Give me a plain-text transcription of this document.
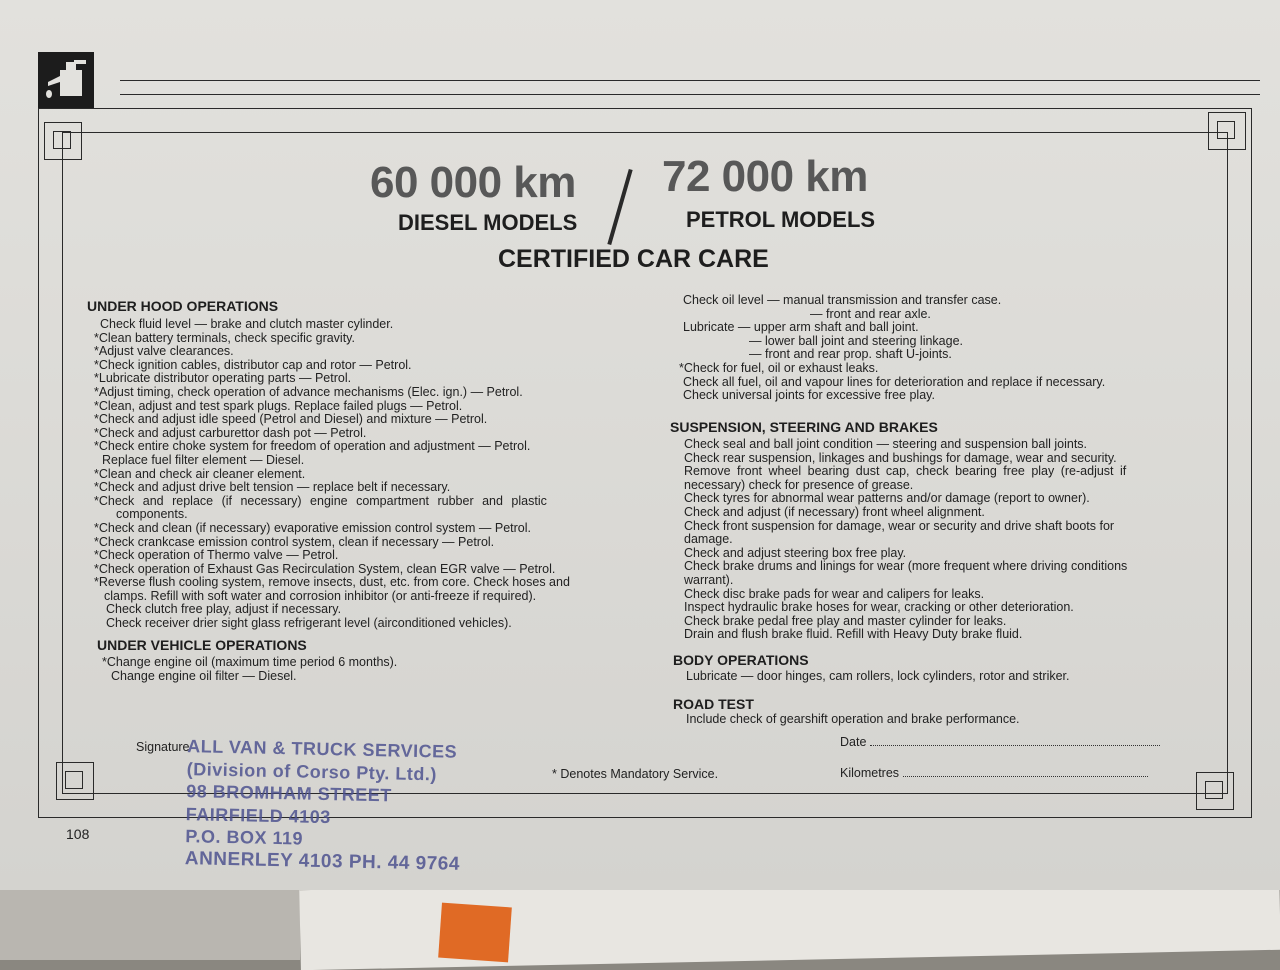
60 000 km 72 000 km
DIESEL MODELS	PETROL MODELS
CERTIFIED CAR CARE
UNDER HOOD OPERATIONS
Check fluid level — brake and clutch master cylinder.
*Clean battery terminals, check specific gravity.
*Adjust valve clearances.
*Check ignition cables, distributor cap and rotor — Petrol.
*Lubricate distributor operating parts — Petrol.
*Adjust timing, check operation of advance mechanisms (Elec. ign.) — Petrol.
*Clean, adjust and test spark plugs. Replace failed plugs — Petrol.
*Check and adjust idle speed (Petrol and Diesel) and mixture — Petrol.
*Check and adjust carburettor dash pot — Petrol.
*Check entire choke system for freedom of operation and adjustment — Petrol.
Replace fuel filter element — Diesel.
*Clean and check air cleaner element.
*Check and adjust drive belt tension — replace belt if necessary.
*Check and replace (if necessary) engine compartment rubber and plastic
components.
*Check and clean (if necessary) evaporative emission control system — Petrol.
*Check crankcase emission control system, clean if necessary — Petrol.
*Check operation of Thermo valve — Petrol.
*Check operation of Exhaust Gas Recirculation System, clean EGR valve — Petrol.
*Reverse flush cooling system, remove insects, dust, etc. from core. Check hoses and
clamps. Refill with soft water and corrosion inhibitor (or anti-freeze if required).
Check clutch free play, adjust if necessary.
Check receiver drier sight glass refrigerant level (airconditioned vehicles).
UNDER VEHICLE OPERATIONS
*Change engine oil (maximum time period 6 months).
Change engine oil filter — Diesel.
Check oil level — manual transmission and transfer case.
— front and rear axle.
Lubricate — upper arm shaft and ball joint.
— lower ball joint and steering linkage.
— front and rear prop. shaft U-joints.
*Check for fuel, oil or exhaust leaks.
Check all fuel, oil and vapour lines for deterioration and replace if necessary.
Check universal joints for excessive free play.
SUSPENSION, STEERING AND BRAKES
Check seal and ball joint condition — steering and suspension ball joints.
Check rear suspension, linkages and bushings for damage, wear and security.
Remove front wheel bearing dust cap, check bearing free play (re-adjust if
necessary) check for presence of grease.
Check tyres for abnormal wear patterns and/or damage (report to owner).
Check and adjust (if necessary) front wheel alignment.
Check front suspension for damage, wear or security and drive shaft boots for
damage.
Check and adjust steering box free play.
Check brake drums and linings for wear (more frequent where driving conditions
warrant).
Check disc brake pads for wear and calipers for leaks.
Inspect hydraulic brake hoses for wear, cracking or other deterioration.
Check brake pedal free play and master cylinder for leaks.
Drain and flush brake fluid. Refill with Heavy Duty brake fluid.
BODY OPERATIONS
Lubricate — door hinges, cam rollers, lock cylinders, rotor and striker.
ROAD TEST
Include check of gearshift operation and brake performance.
Signature
* Denotes Mandatory Service.
Date
Kilometres
ALL VAN & TRUCK SERVICES
(Division of Corso Pty. Ltd.)
98 BROMHAM STREET
FAIRFIELD 4103
P.O. BOX 119
ANNERLEY 4103 PH. 44 9764
108
